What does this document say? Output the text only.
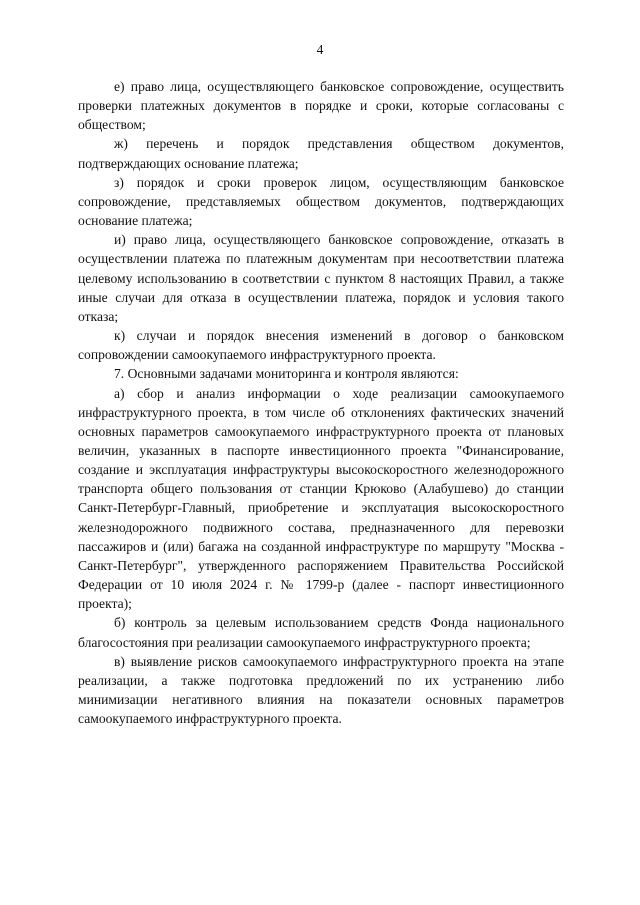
4

е) право лица, осуществляющего банковское сопровождение, осуществить проверки платежных документов в порядке и сроки, которые согласованы с обществом;

ж) перечень и порядок представления обществом документов, подтверждающих основание платежа;

з) порядок и сроки проверок лицом, осуществляющим банковское сопровождение, представляемых обществом документов, подтверждающих основание платежа;

и) право лица, осуществляющего банковское сопровождение, отказать в осуществлении платежа по платежным документам при несоответствии платежа целевому использованию в соответствии с пунктом 8 настоящих Правил, а также иные случаи для отказа в осуществлении платежа, порядок и условия такого отказа;

к) случаи и порядок внесения изменений в договор о банковском сопровождении самоокупаемого инфраструктурного проекта.

7. Основными задачами мониторинга и контроля являются:

а) сбор и анализ информации о ходе реализации самоокупаемого инфраструктурного проекта, в том числе об отклонениях фактических значений основных параметров самоокупаемого инфраструктурного проекта от плановых величин, указанных в паспорте инвестиционного проекта "Финансирование, создание и эксплуатация инфраструктуры высокоскоростного железнодорожного транспорта общего пользования от станции Крюково (Алабушево) до станции Санкт-Петербург-Главный, приобретение и эксплуатация высокоскоростного железнодорожного подвижного состава, предназначенного для перевозки пассажиров и (или) багажа на созданной инфраструктуре по маршруту "Москва - Санкт-Петербург", утвержденного распоряжением Правительства Российской Федерации от 10 июля 2024 г. № 1799-р (далее - паспорт инвестиционного проекта);

б) контроль за целевым использованием средств Фонда национального благосостояния при реализации самоокупаемого инфраструктурного проекта;

в) выявление рисков самоокупаемого инфраструктурного проекта на этапе реализации, а также подготовка предложений по их устранению либо минимизации негативного влияния на показатели основных параметров самоокупаемого инфраструктурного проекта.
